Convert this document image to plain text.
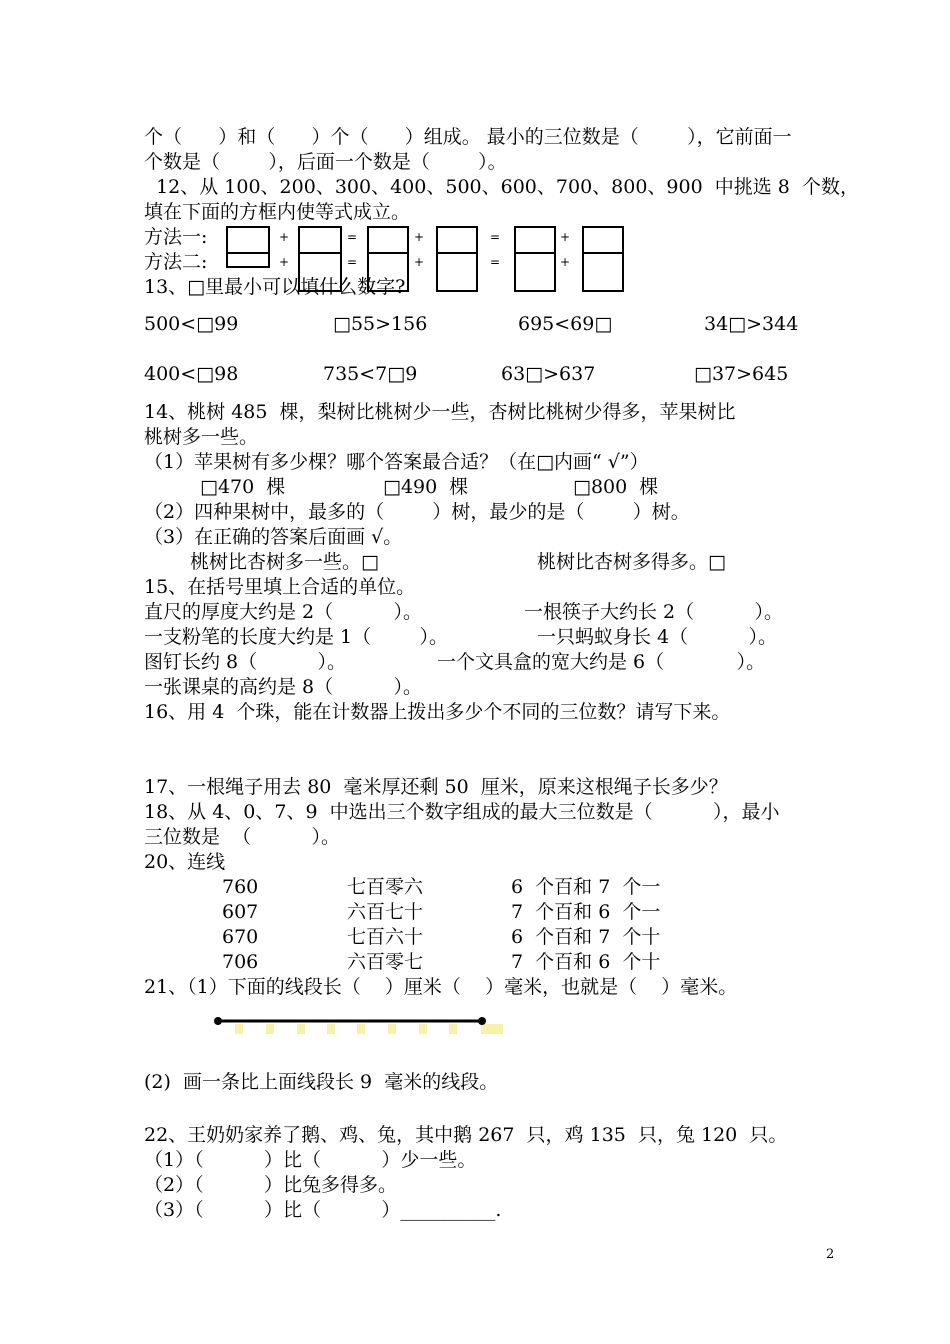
个（      ）和（      ）个（      ）组成。 最小的三位数是（        ），它前面一
个数是（        ），后面一个数是（        ）。
12、从 100、200、300、400、500、600、700、800、900  中挑选 8  个数，
填在下面的方框内使等式成立。
方法一:
方法二:
+	=	+	=	+
+	=	+	=	+
13、□里最小可以填什么数字?
500<□99	□55>156	695<69□	34□>344
400<□98	735<7□9	63□>637	□37>645
14、桃树 485  棵，梨树比桃树少一些，杏树比桃树少得多，苹果树比
桃树多一些。
（1）苹果树有多少棵？哪个答案最合适？（在□内画“ √”）
□470  棵	□490  棵	□800  棵
（2）四种果树中，最多的（        ）树，最少的是（        ）树。
（3）在正确的答案后面画 √。
桃树比杏树多一些。□	桃树比杏树多得多。□
15、在括号里填上合适的单位。
直尺的厚度大约是 2（          ）。	一根筷子大约长 2（          ）。
一支粉笔的长度大约是 1（        ）。	一只蚂蚁身长 4（          ）。
图钉长约 8（          ）。	一个文具盒的宽大约是 6（            ）。
一张课桌的高约是 8（          ）。
16、用 4  个珠，能在计数器上拨出多少个不同的三位数？请写下来。
17、一根绳子用去 80  毫米厚还剩 50  厘米，原来这根绳子长多少？
18、从 4、0、7、9  中选出三个数字组成的最大三位数是（          ），最小
三位数是  （          ）。
20、连线
760	七百零六	6  个百和 7  个一
607	六百七十	7  个百和 6  个一
670	七百六十	6  个百和 7  个十
706	六百零七	7  个百和 6  个十
21、（1）下面的线段长（    ）厘米（    ）毫米，也就是（    ）毫米。
(2)  画一条比上面线段长 9  毫米的线段。
22、王奶奶家养了鹅、鸡、兔，其中鹅 267  只，鸡 135  只，兔 120  只。
（1）（          ）比（          ）少一些。
（2）（          ）比兔多得多。
（3）（          ）比（          ）__________.
2
